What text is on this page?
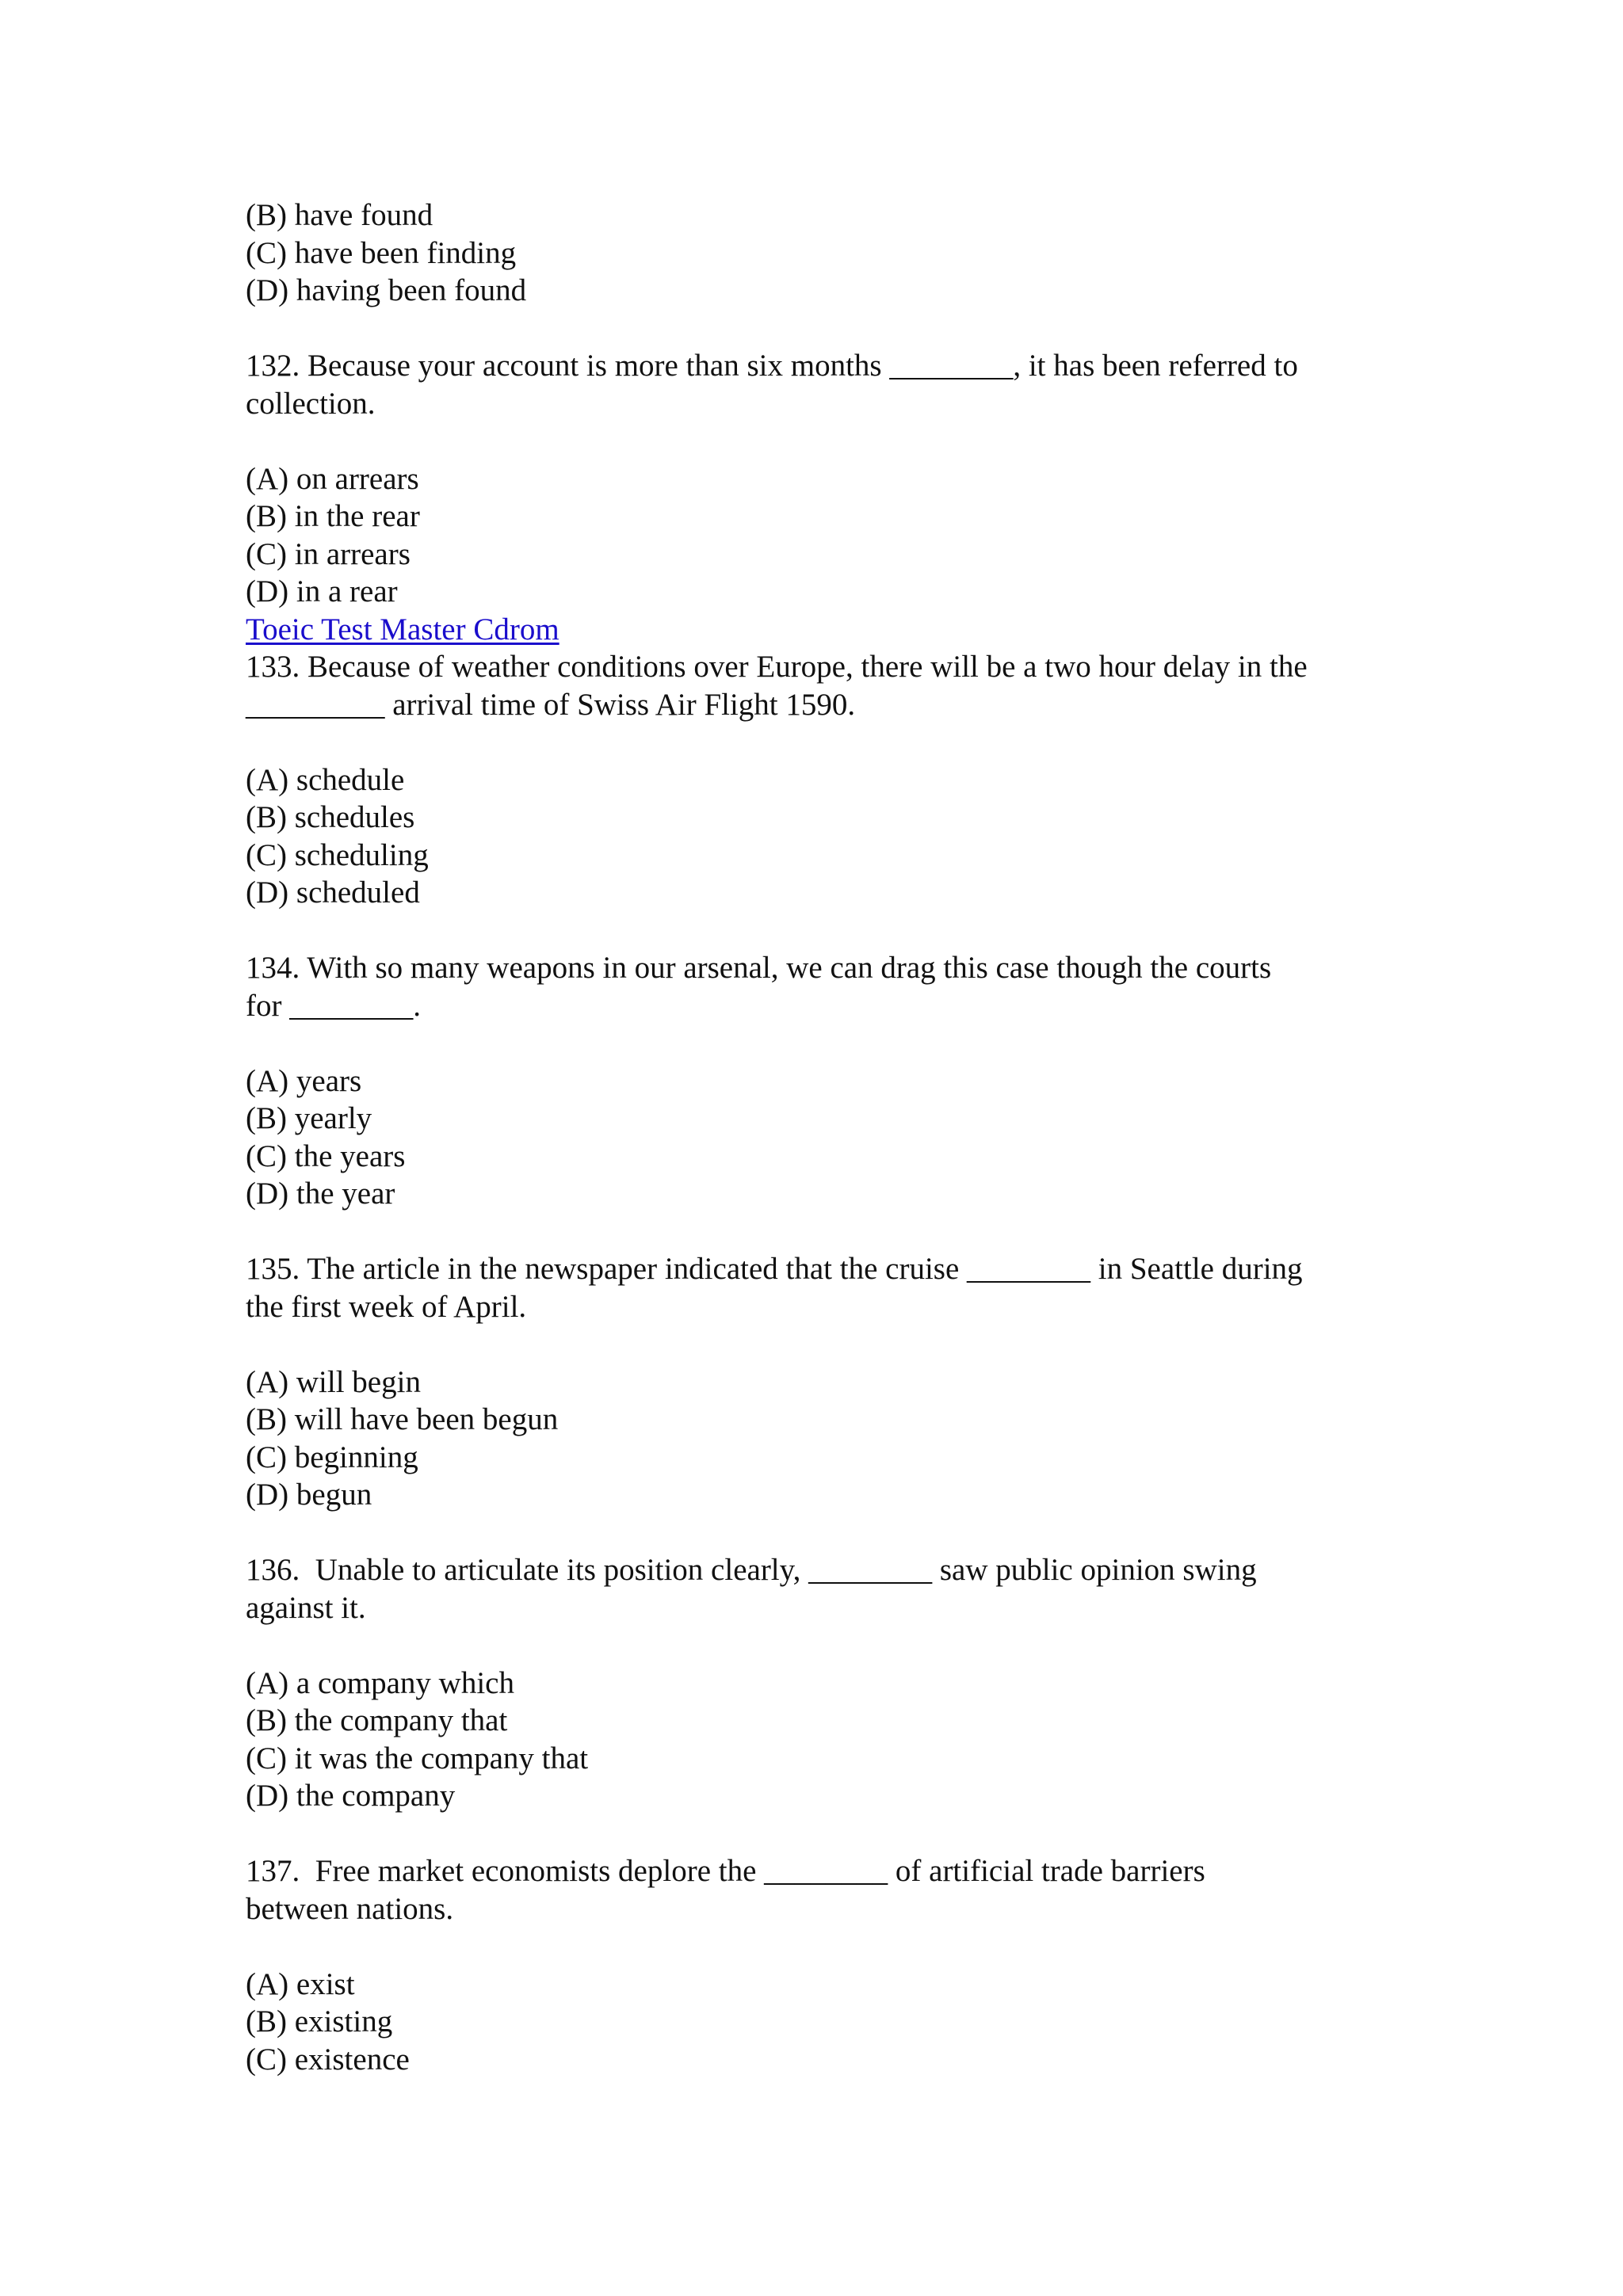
(B) have found
(C) have been finding
(D) having been found
132. Because your account is more than six months ________, it has been referred to
collection.
(A) on arrears
(B) in the rear
(C) in arrears
(D) in a rear
Toeic Test Master Cdrom
133. Because of weather conditions over Europe, there will be a two hour delay in the
_________ arrival time of Swiss Air Flight 1590.
(A) schedule
(B) schedules
(C) scheduling
(D) scheduled
134. With so many weapons in our arsenal, we can drag this case though the courts
for ________.
(A) years
(B) yearly
(C) the years
(D) the year
135. The article in the newspaper indicated that the cruise ________ in Seattle during
the first week of April.
(A) will begin
(B) will have been begun
(C) beginning
(D) begun
136.  Unable to articulate its position clearly, ________ saw public opinion swing
against it.
(A) a company which
(B) the company that
(C) it was the company that
(D) the company
137.  Free market economists deplore the ________ of artificial trade barriers
between nations.
(A) exist
(B) existing
(C) existence
